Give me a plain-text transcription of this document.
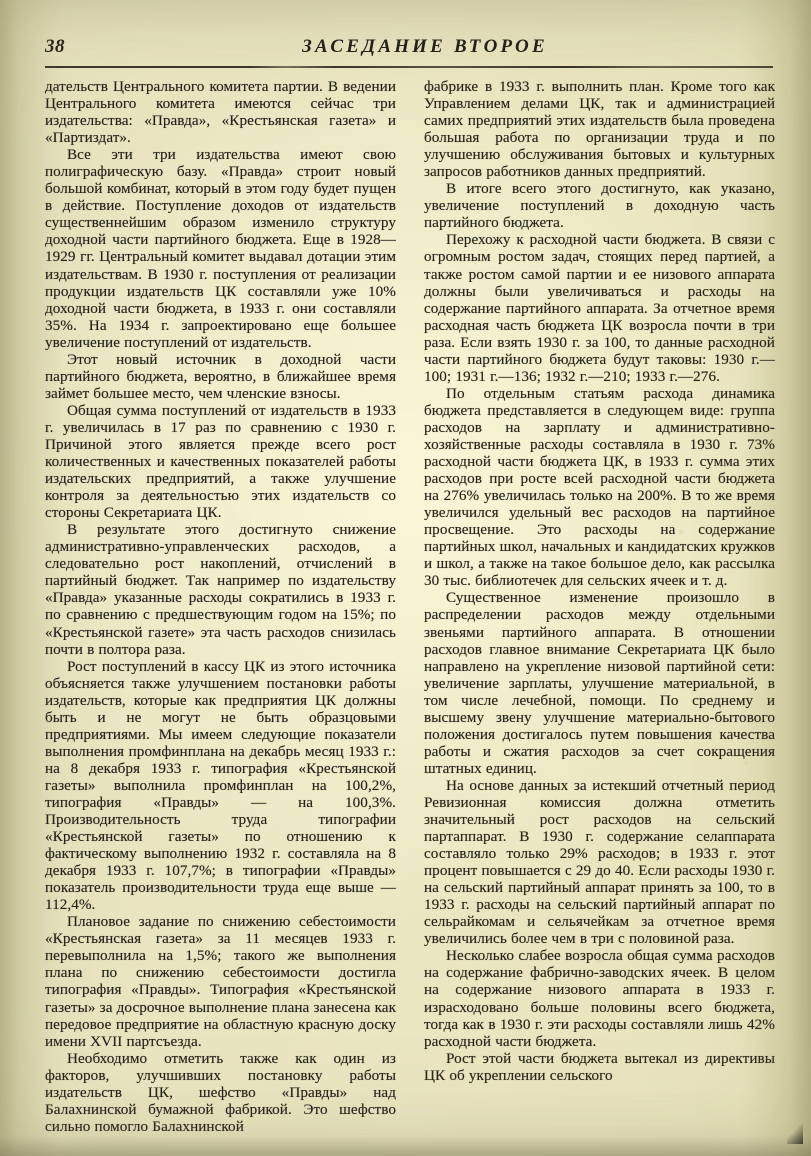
38	ЗАСЕДАНИЕ ВТОРОЕ

дательств Центрального комитета партии. В ведении Центрального комитета имеются сейчас три издательства: «Правда», «Крестьянская газета» и «Партиздат».

Все эти три издательства имеют свою полиграфическую базу. «Правда» строит новый большой комбинат, который в этом году будет пущен в действие. Поступление доходов от издательств существеннейшим образом изменило структуру доходной части партийного бюджета. Еще в 1928—1929 гг. Центральный комитет выдавал дотации этим издательствам. В 1930 г. поступления от реализации продукции издательств ЦК составляли уже 10% доходной части бюджета, в 1933 г. они составляли 35%. На 1934 г. запроектировано еще большее увеличение поступлений от издательств.

Этот новый источник в доходной части партийного бюджета, вероятно, в ближайшее время займет большее место, чем членские взносы.

Общая сумма поступлений от издательств в 1933 г. увеличилась в 17 раз по сравнению с 1930 г. Причиной этого является прежде всего рост количественных и качественных показателей работы издательских предприятий, а также улучшение контроля за деятельностью этих издательств со стороны Секретариата ЦК.

В результате этого достигнуто снижение административно-управленческих расходов, а следовательно рост накоплений, отчислений в партийный бюджет. Так например по издательству «Правда» указанные расходы сократились в 1933 г. по сравнению с предшествующим годом на 15%; по «Крестьянской газете» эта часть расходов снизилась почти в полтора раза.

Рост поступлений в кассу ЦК из этого источника объясняется также улучшением постановки работы издательств, которые как предприятия ЦК должны быть и не могут не быть образцовыми предприятиями. Мы имеем следующие показатели выполнения промфинплана на декабрь месяц 1933 г.: на 8 декабря 1933 г. типография «Крестьянской газеты» выполнила промфинплан на 100,2%, типография «Правды» — на 100,3%. Производительность труда типографии «Крестьянской газеты» по отношению к фактическому выполнению 1932 г. составляла на 8 декабря 1933 г. 107,7%; в типографии «Правды» показатель производительности труда еще выше — 112,4%.

Плановое задание по снижению себестоимости «Крестьянская газета» за 11 месяцев 1933 г. перевыполнила на 1,5%; такого же выполнения плана по снижению себестоимости достигла типография «Правды». Типография «Крестьянской газеты» за досрочное выполнение плана занесена как передовое предприятие на областную красную доску имени XVII партсъезда.

Необходимо отметить также как один из факторов, улучшивших постановку работы издательств ЦК, шефство «Правды» над Балахнинской бумажной фабрикой. Это шефство сильно помогло Балахнинской

фабрике в 1933 г. выполнить план. Кроме того как Управлением делами ЦК, так и администрацией самих предприятий этих издательств была проведена большая работа по организации труда и по улучшению обслуживания бытовых и культурных запросов работников данных предприятий.

В итоге всего этого достигнуто, как указано, увеличение поступлений в доходную часть партийного бюджета.

Перехожу к расходной части бюджета. В связи с огромным ростом задач, стоящих перед партией, а также ростом самой партии и ее низового аппарата должны были увеличиваться и расходы на содержание партийного аппарата. За отчетное время расходная часть бюджета ЦК возросла почти в три раза. Если взять 1930 г. за 100, то данные расходной части партийного бюджета будут таковы: 1930 г.—100; 1931 г.—136; 1932 г.—210; 1933 г.—276.

По отдельным статьям расхода динамика бюджета представляется в следующем виде: группа расходов на зарплату и административно-хозяйственные расходы составляла в 1930 г. 73% расходной части бюджета ЦК, в 1933 г. сумма этих расходов при росте всей расходной части бюджета на 276% увеличилась только на 200%. В то же время увеличился удельный вес расходов на партийное просвещение. Это расходы на содержание партийных школ, начальных и кандидатских кружков и школ, а также на такое большое дело, как рассылка 30 тыс. библиотечек для сельских ячеек и т. д.

Существенное изменение произошло в распределении расходов между отдельными звеньями партийного аппарата. В отношении расходов главное внимание Секретариата ЦК было направлено на укрепление низовой партийной сети: увеличение зарплаты, улучшение материальной, в том числе лечебной, помощи. По среднему и высшему звену улучшение материально-бытового положения достигалось путем повышения качества работы и сжатия расходов за счет сокращения штатных единиц.

На основе данных за истекший отчетный период Ревизионная комиссия должна отметить значительный рост расходов на сельский партаппарат. В 1930 г. содержание селаппарата составляло только 29% расходов; в 1933 г. этот процент повышается с 29 до 40. Если расходы 1930 г. на сельский партийный аппарат принять за 100, то в 1933 г. расходы на сельский партийный аппарат по сельрайкомам и сельячейкам за отчетное время увеличились более чем в три с половиной раза.

Несколько слабее возросла общая сумма расходов на содержание фабрично-заводских ячеек. В целом на содержание низового аппарата в 1933 г. израсходовано больше половины всего бюджета, тогда как в 1930 г. эти расходы составляли лишь 42% расходной части бюджета.

Рост этой части бюджета вытекал из директивы ЦК об укреплении сельского
